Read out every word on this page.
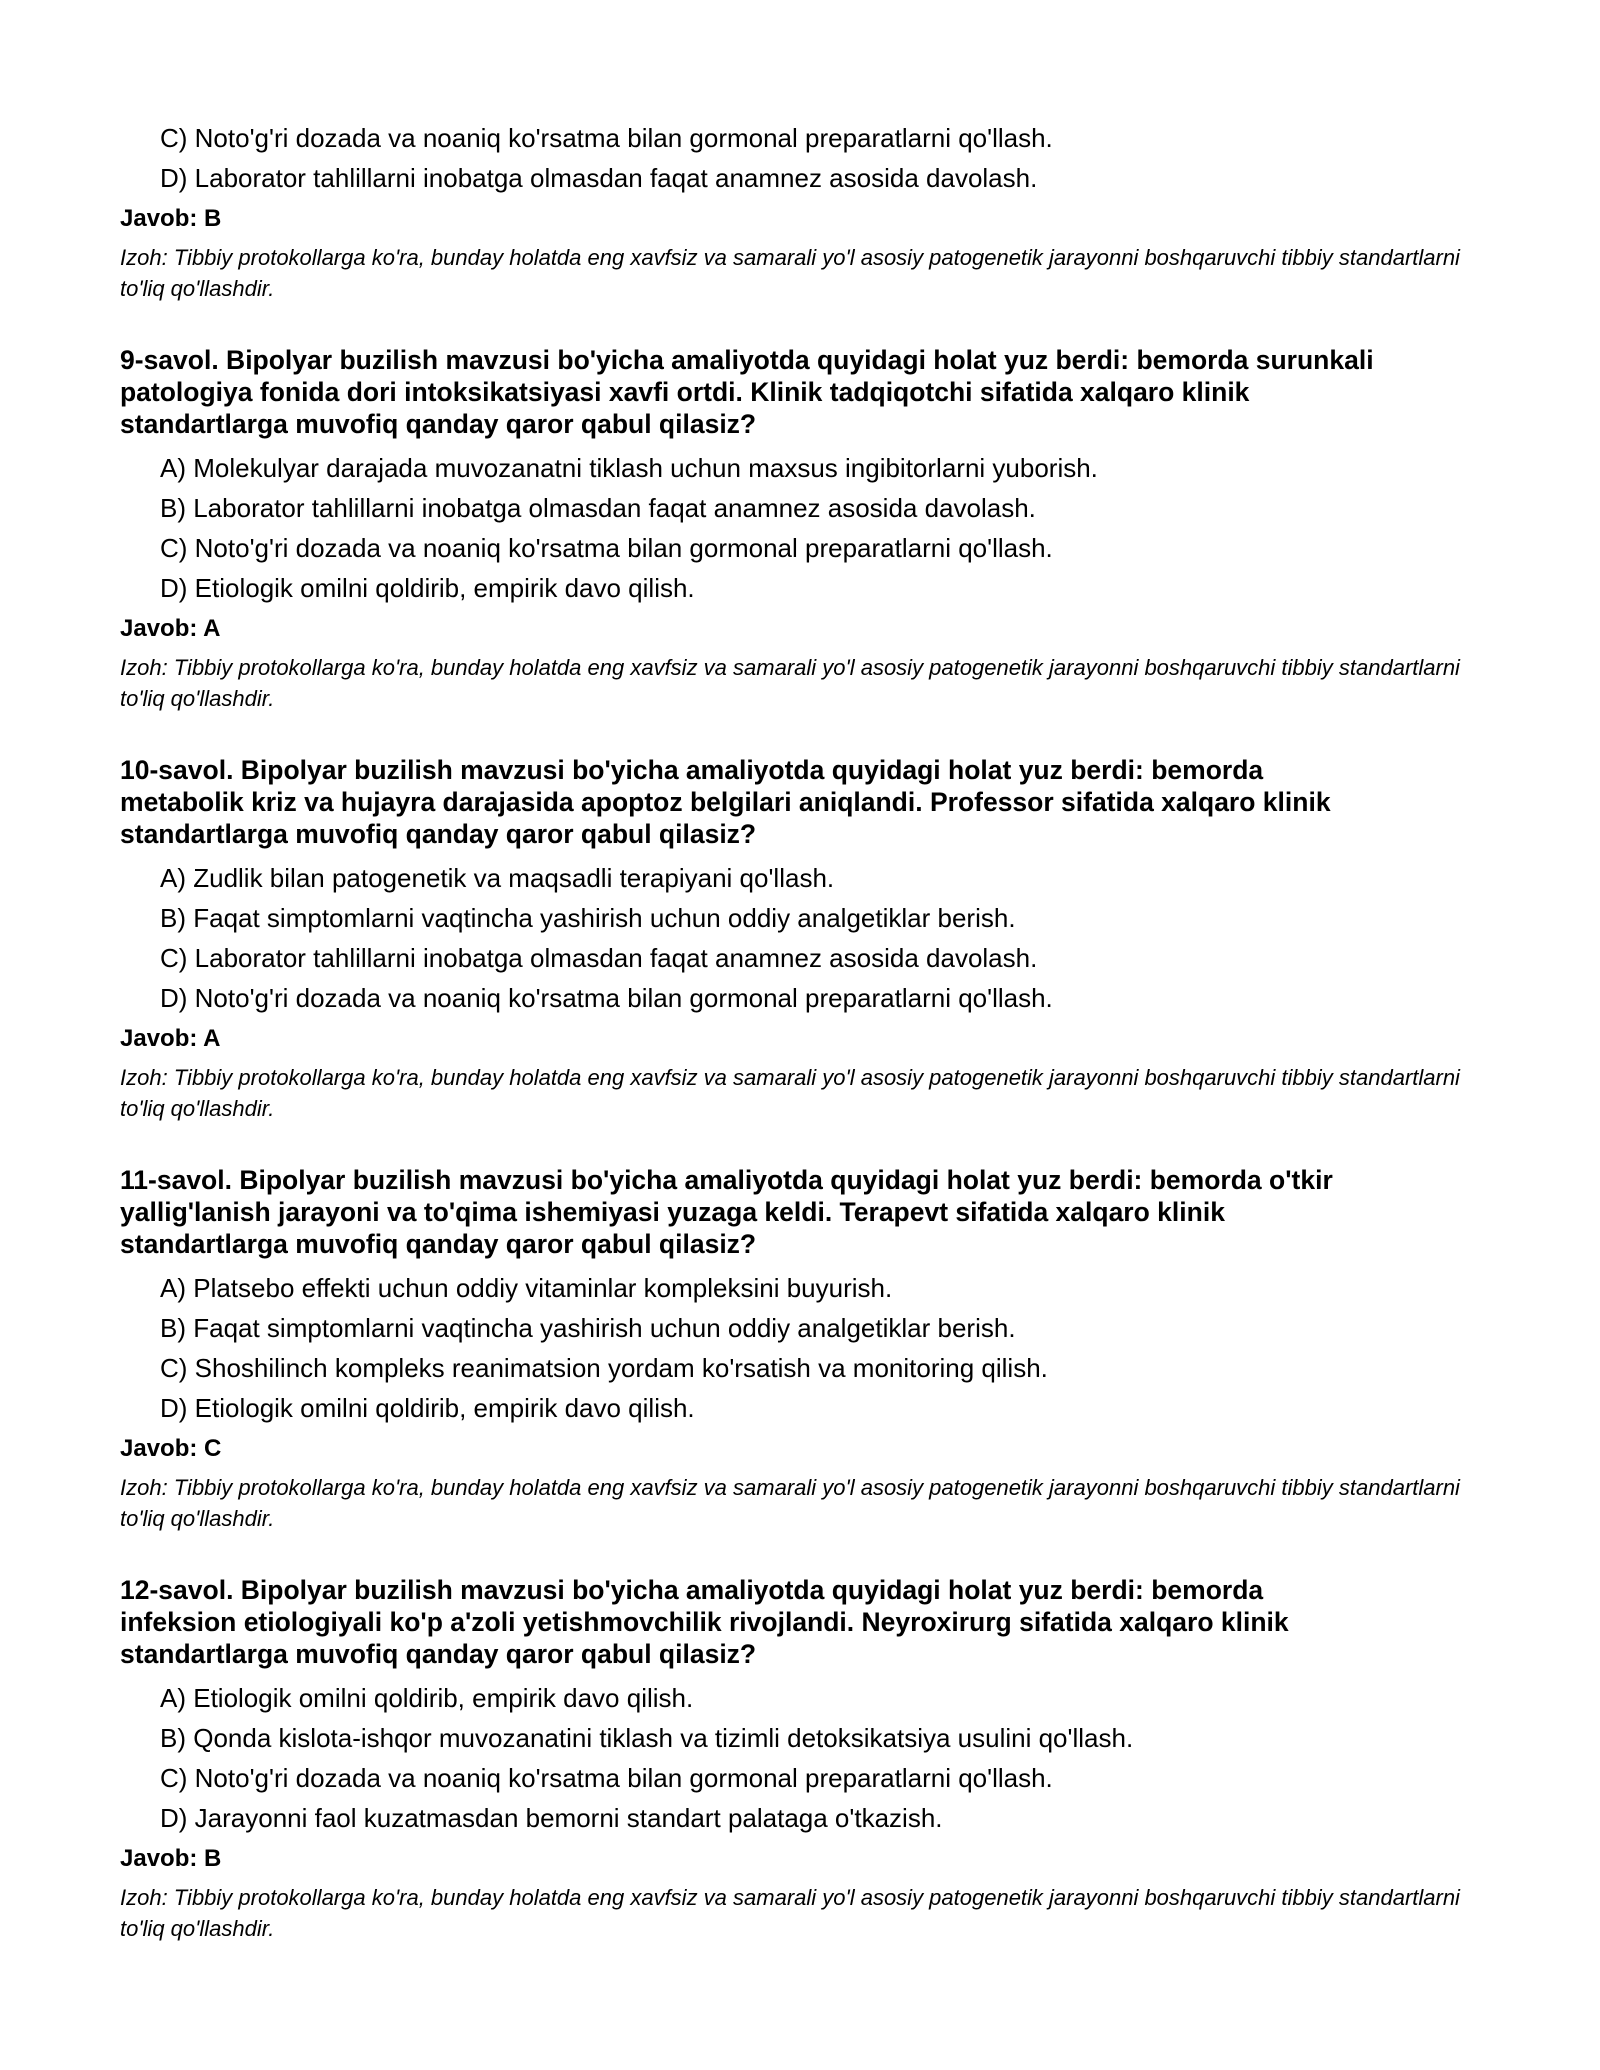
C) Noto'g'ri dozada va noaniq ko'rsatma bilan gormonal preparatlarni qo'llash.
D) Laborator tahlillarni inobatga olmasdan faqat anamnez asosida davolash.
Javob: B
Izoh: Tibbiy protokollarga ko'ra, bunday holatda eng xavfsiz va samarali yo'l asosiy patogenetik jarayonni boshqaruvchi tibbiy standartlarni to'liq qo'llashdir.
9-savol. Bipolyar buzilish mavzusi bo'yicha amaliyotda quyidagi holat yuz berdi: bemorda surunkali
patologiya fonida dori intoksikatsiyasi xavfi ortdi. Klinik tadqiqotchi sifatida xalqaro klinik
standartlarga muvofiq qanday qaror qabul qilasiz?
A) Molekulyar darajada muvozanatni tiklash uchun maxsus ingibitorlarni yuborish.
B) Laborator tahlillarni inobatga olmasdan faqat anamnez asosida davolash.
C) Noto'g'ri dozada va noaniq ko'rsatma bilan gormonal preparatlarni qo'llash.
D) Etiologik omilni qoldirib, empirik davo qilish.
Javob: A
Izoh: Tibbiy protokollarga ko'ra, bunday holatda eng xavfsiz va samarali yo'l asosiy patogenetik jarayonni boshqaruvchi tibbiy standartlarni to'liq qo'llashdir.
10-savol. Bipolyar buzilish mavzusi bo'yicha amaliyotda quyidagi holat yuz berdi: bemorda
metabolik kriz va hujayra darajasida apoptoz belgilari aniqlandi. Professor sifatida xalqaro klinik
standartlarga muvofiq qanday qaror qabul qilasiz?
A) Zudlik bilan patogenetik va maqsadli terapiyani qo'llash.
B) Faqat simptomlarni vaqtincha yashirish uchun oddiy analgetiklar berish.
C) Laborator tahlillarni inobatga olmasdan faqat anamnez asosida davolash.
D) Noto'g'ri dozada va noaniq ko'rsatma bilan gormonal preparatlarni qo'llash.
Javob: A
Izoh: Tibbiy protokollarga ko'ra, bunday holatda eng xavfsiz va samarali yo'l asosiy patogenetik jarayonni boshqaruvchi tibbiy standartlarni to'liq qo'llashdir.
11-savol. Bipolyar buzilish mavzusi bo'yicha amaliyotda quyidagi holat yuz berdi: bemorda o'tkir
yallig'lanish jarayoni va to'qima ishemiyasi yuzaga keldi. Terapevt sifatida xalqaro klinik
standartlarga muvofiq qanday qaror qabul qilasiz?
A) Platsebo effekti uchun oddiy vitaminlar kompleksini buyurish.
B) Faqat simptomlarni vaqtincha yashirish uchun oddiy analgetiklar berish.
C) Shoshilinch kompleks reanimatsion yordam ko'rsatish va monitoring qilish.
D) Etiologik omilni qoldirib, empirik davo qilish.
Javob: C
Izoh: Tibbiy protokollarga ko'ra, bunday holatda eng xavfsiz va samarali yo'l asosiy patogenetik jarayonni boshqaruvchi tibbiy standartlarni to'liq qo'llashdir.
12-savol. Bipolyar buzilish mavzusi bo'yicha amaliyotda quyidagi holat yuz berdi: bemorda
infeksion etiologiyali ko'p a'zoli yetishmovchilik rivojlandi. Neyroxirurg sifatida xalqaro klinik
standartlarga muvofiq qanday qaror qabul qilasiz?
A) Etiologik omilni qoldirib, empirik davo qilish.
B) Qonda kislota-ishqor muvozanatini tiklash va tizimli detoksikatsiya usulini qo'llash.
C) Noto'g'ri dozada va noaniq ko'rsatma bilan gormonal preparatlarni qo'llash.
D) Jarayonni faol kuzatmasdan bemorni standart palataga o'tkazish.
Javob: B
Izoh: Tibbiy protokollarga ko'ra, bunday holatda eng xavfsiz va samarali yo'l asosiy patogenetik jarayonni boshqaruvchi tibbiy standartlarni to'liq qo'llashdir.
